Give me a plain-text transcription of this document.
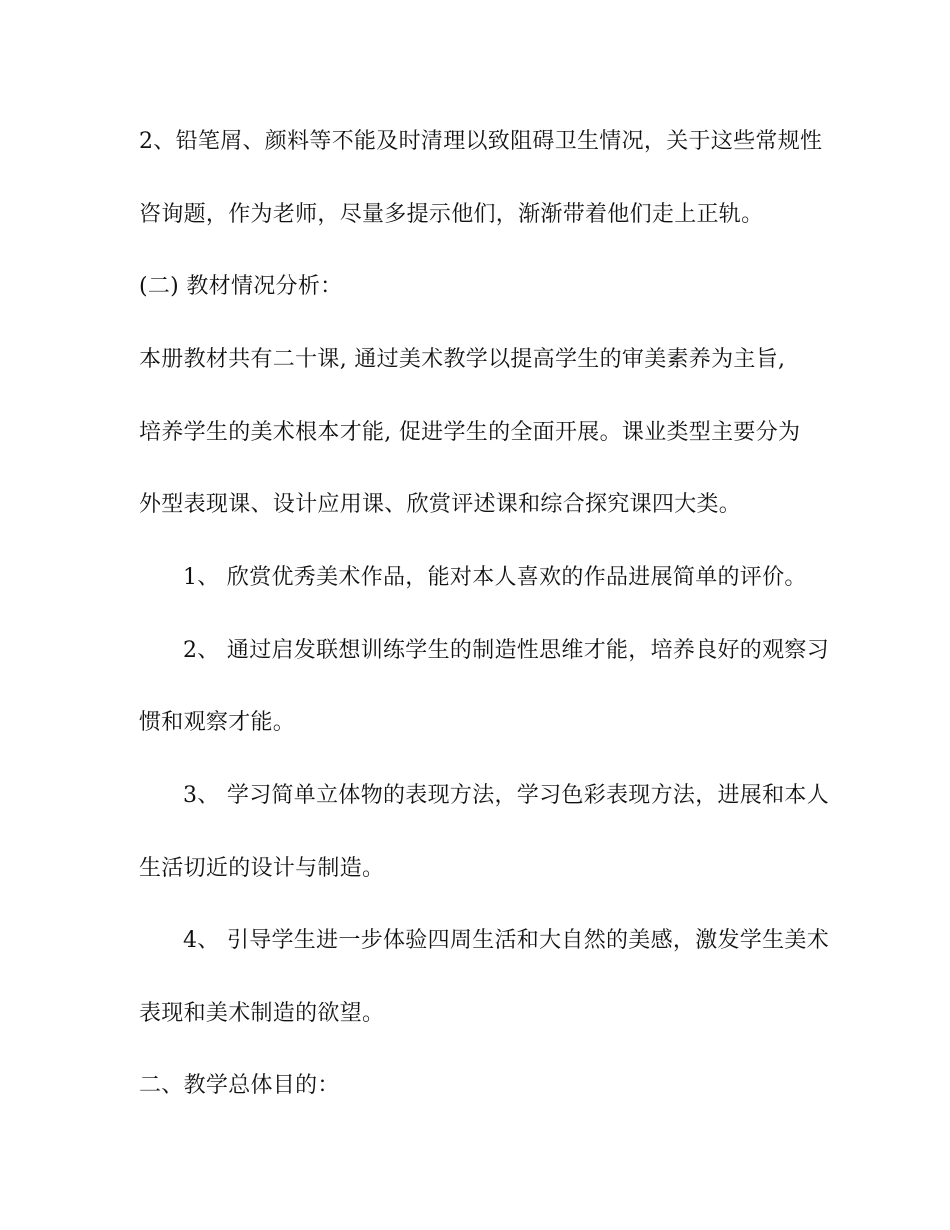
2、铅笔屑、颜料等不能及时清理以致阻碍卫生情况，关于这些常规性

咨询题，作为老师，尽量多提示他们，渐渐带着他们走上正轨。

(二) 教材情况分析：

本册教材共有二十课, 通过美术教学以提高学生的审美素养为主旨,

培养学生的美术根本才能, 促进学生的全面开展。课业类型主要分为

外型表现课、设计应用课、欣赏评述课和综合探究课四大类。

1、 欣赏优秀美术作品，能对本人喜欢的作品进展简单的评价。

2、 通过启发联想训练学生的制造性思维才能，培养良好的观察习

惯和观察才能。

3、 学习简单立体物的表现方法，学习色彩表现方法，进展和本人

生活切近的设计与制造。

4、 引导学生进一步体验四周生活和大自然的美感，激发学生美术

表现和美术制造的欲望。

二、教学总体目的：
